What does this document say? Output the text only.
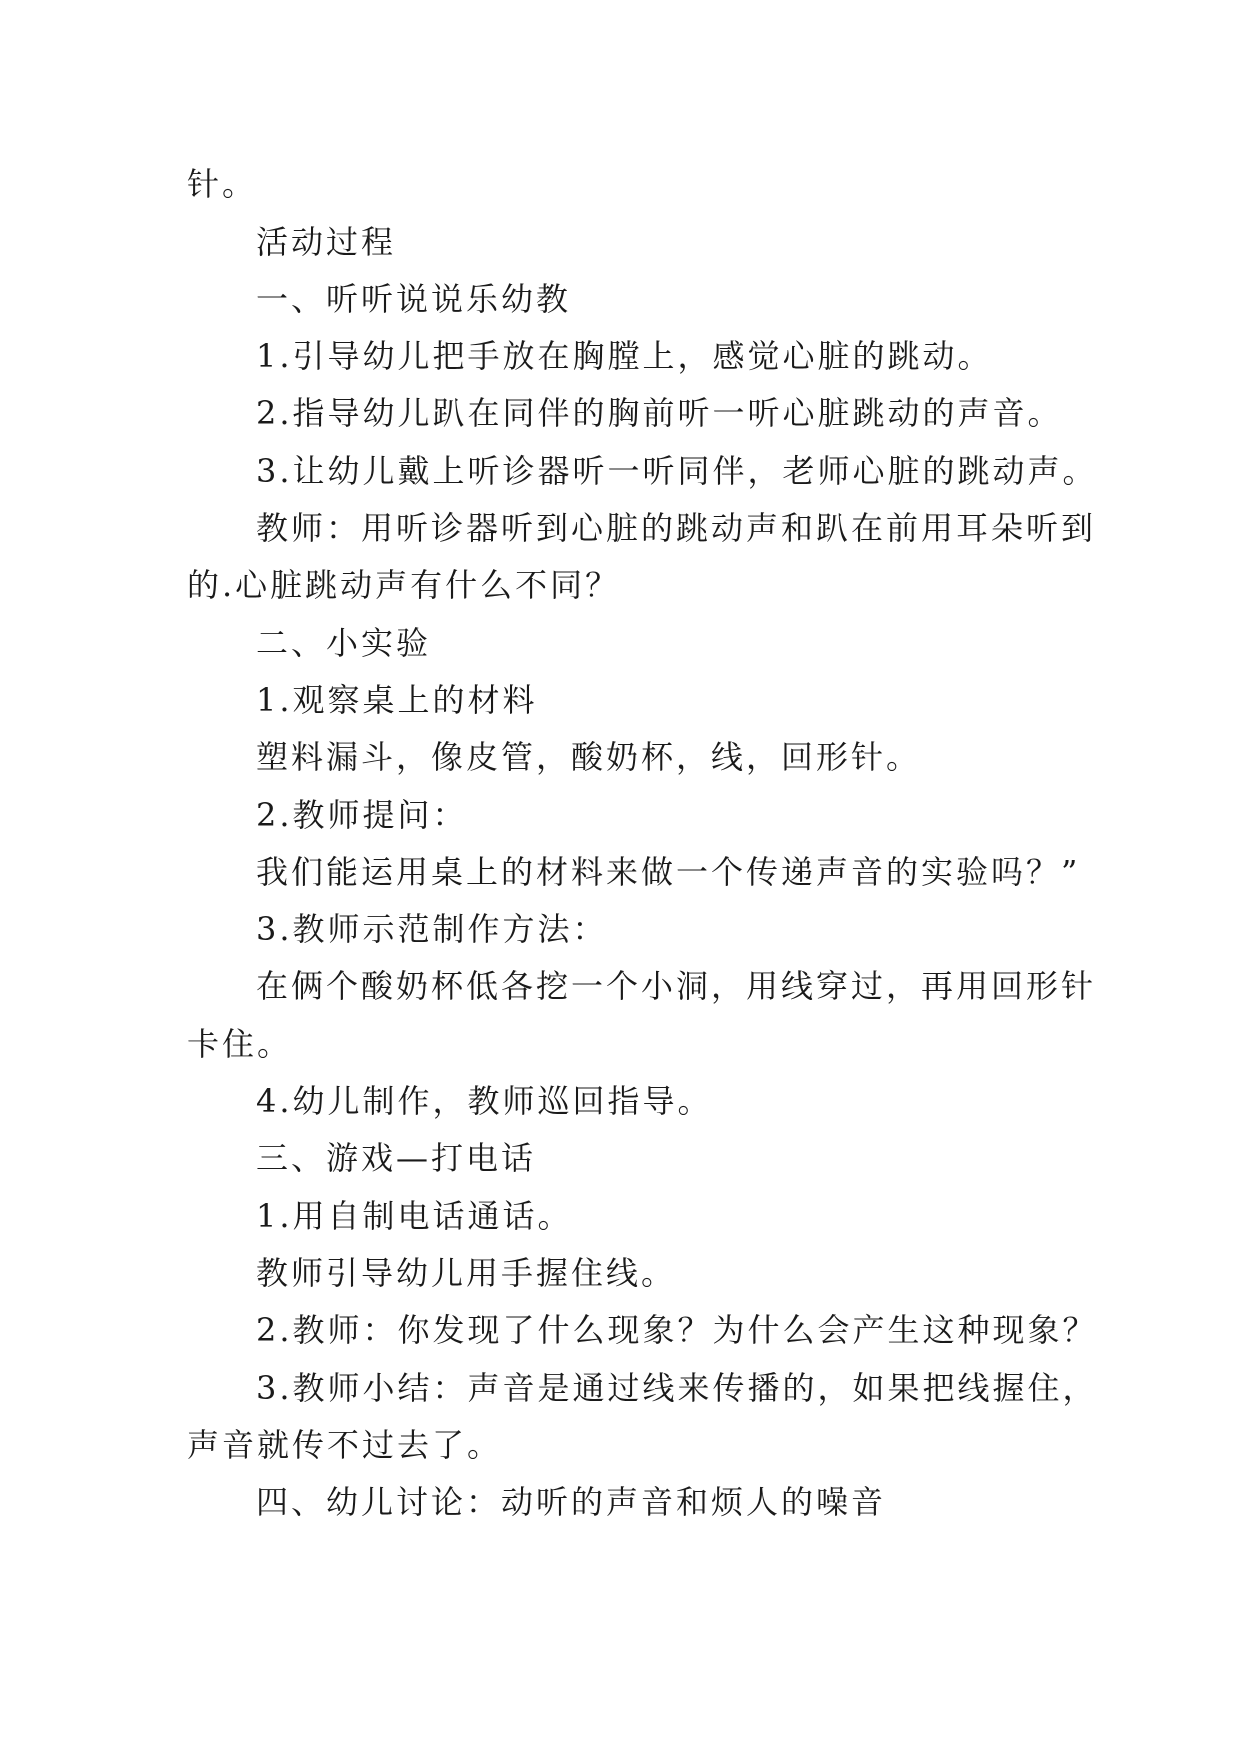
针。
活动过程
一、听听说说乐幼教
1.引导幼儿把手放在胸膛上，感觉心脏的跳动。
2.指导幼儿趴在同伴的胸前听一听心脏跳动的声音。
3.让幼儿戴上听诊器听一听同伴，老师心脏的跳动声。
教师：用听诊器听到心脏的跳动声和趴在前用耳朵听到
的.心脏跳动声有什么不同？
二、小实验
1.观察桌上的材料
塑料漏斗，像皮管，酸奶杯，线，回形针。
2.教师提问：
我们能运用桌上的材料来做一个传递声音的实验吗？”
3.教师示范制作方法：
在俩个酸奶杯低各挖一个小洞，用线穿过，再用回形针
卡住。
4.幼儿制作，教师巡回指导。
三、游戏—打电话
1.用自制电话通话。
教师引导幼儿用手握住线。
2.教师：你发现了什么现象？为什么会产生这种现象？
3.教师小结：声音是通过线来传播的，如果把线握住，
声音就传不过去了。
四、幼儿讨论：动听的声音和烦人的噪音
